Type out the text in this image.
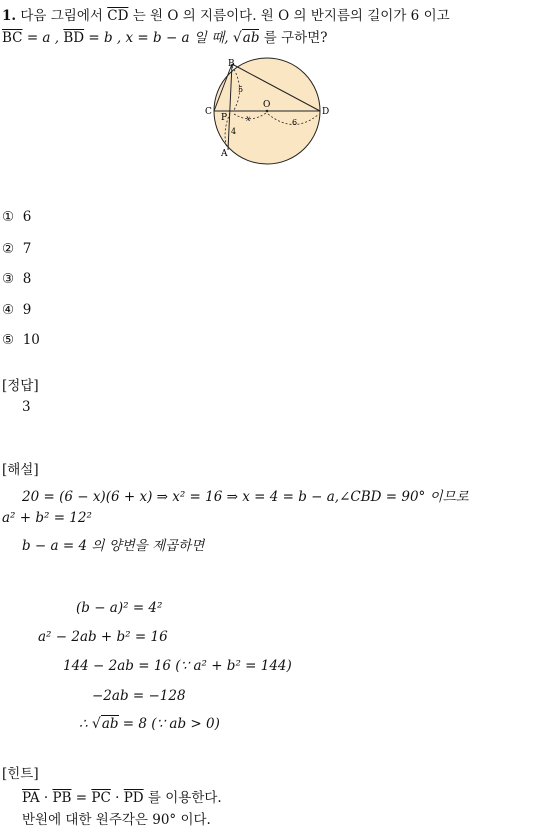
1. 다음 그림에서 $\overline{CD}$ 는 원 O 의 지름이다. 원 O 의 반지름의 길이가 6 이고
$\overline{BC} = a$ , $\overline{BD} = b$ , x = b − a 일 때, √ab 를 구하면?
B
C
O
D
P
A
5
4
x	6
① 6
② 7
③ 8
④ 9
⑤ 10
[정답]
3
[해설]
20 = (6 − x)(6 + x) ⇒ x² = 16 ⇒ x = 4 = b − a,∠CBD = 90° 이므로
a² + b² = 12²
b − a = 4 의 양변을 제곱하면
(b − a)² = 4²
a² − 2ab + b² = 16
144 − 2ab = 16 (∵ a² + b² = 144)
−2ab = −128
∴ √ab = 8 (∵ ab > 0)
[힌트]
$\overline{PA} \cdot \overline{PB} = \overline{PC} \cdot \overline{PD}$ 를 이용한다.
반원에 대한 원주각은 90° 이다.
